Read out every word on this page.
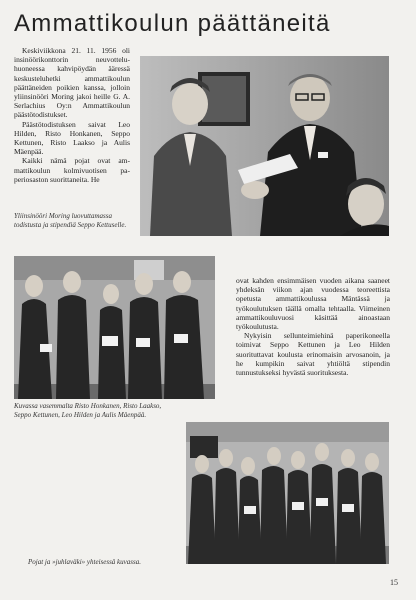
Ammattikoulun päättäneitä

Keskiviikkona 21. 11. 1956 oli insinöörikonttorin neuvotteluhuoneessa kahvipöydän ääressä keskusteluhetki ammattikoulun päättäneiden poikien kanssa, jolloin yliinsinööri Moring jakoi heille G. A. Serlachius Oy:n Ammattikoulun päästötodistukset.

Päästötodistuksen saivat Leo Hilden, Risto Honkanen, Seppo Kettunen, Risto Laakso ja Aulis Mäenpää.

Kaikki nämä pojat ovat ammattikoulun kolmivuotisen paperiosaston suorittaneita. He

Yliinsinööri Moring luovuttamassa todistusta ja stipendiä Seppo Kettuselle.
Kuvassa vasemmalta Risto Honkanen, Risto Laakso, Seppo Kettunen, Leo Hilden ja Aulis Mäenpää.

ovat kahden ensimmäisen vuoden aikana saaneet yhdeksän viikon ajan vuodessa teoreettista opetusta ammattikoulussa Mäntässä ja työkoulutuksen täällä omalla tehtaalla. Viimeinen ammattikouluvuosi käsittää ainoastaan työkoulutusta.

Nykyisin sellunteimiehinä paperikoneella toimivat Seppo Kettunen ja Leo Hilden suorituttavat koulusta erinomaisin arvosanoin, ja he kumpikin saivat yhtiöltä stipendin tunnustukseksi hyvästä suorituksesta.

Pojat ja »juhlaväki» yhteisessä kuvassa.
15
